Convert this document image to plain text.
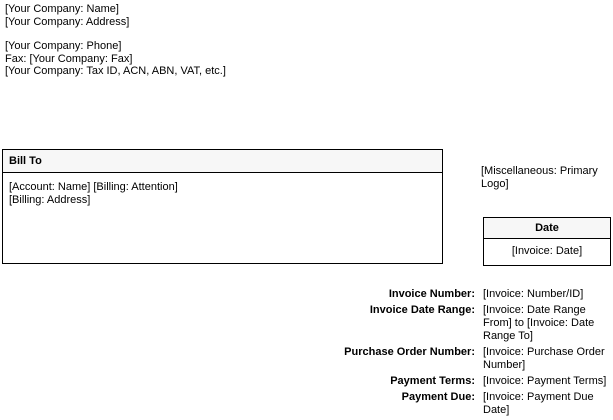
[Your Company: Name]
[Your Company: Address]
[Your Company: Phone]
Fax: [Your Company: Fax]
[Your Company: Tax ID, ACN, ABN, VAT, etc.]
Bill To
[Account: Name] [Billing: Attention]
[Billing: Address]
[Miscellaneous: Primary Logo]
Date
[Invoice: Date]
Invoice Number: [Invoice: Number/ID]
Invoice Date Range: [Invoice: Date Range From] to [Invoice: Date Range To]
Purchase Order Number: [Invoice: Purchase Order Number]
Payment Terms: [Invoice: Payment Terms]
Payment Due: [Invoice: Payment Due Date]
